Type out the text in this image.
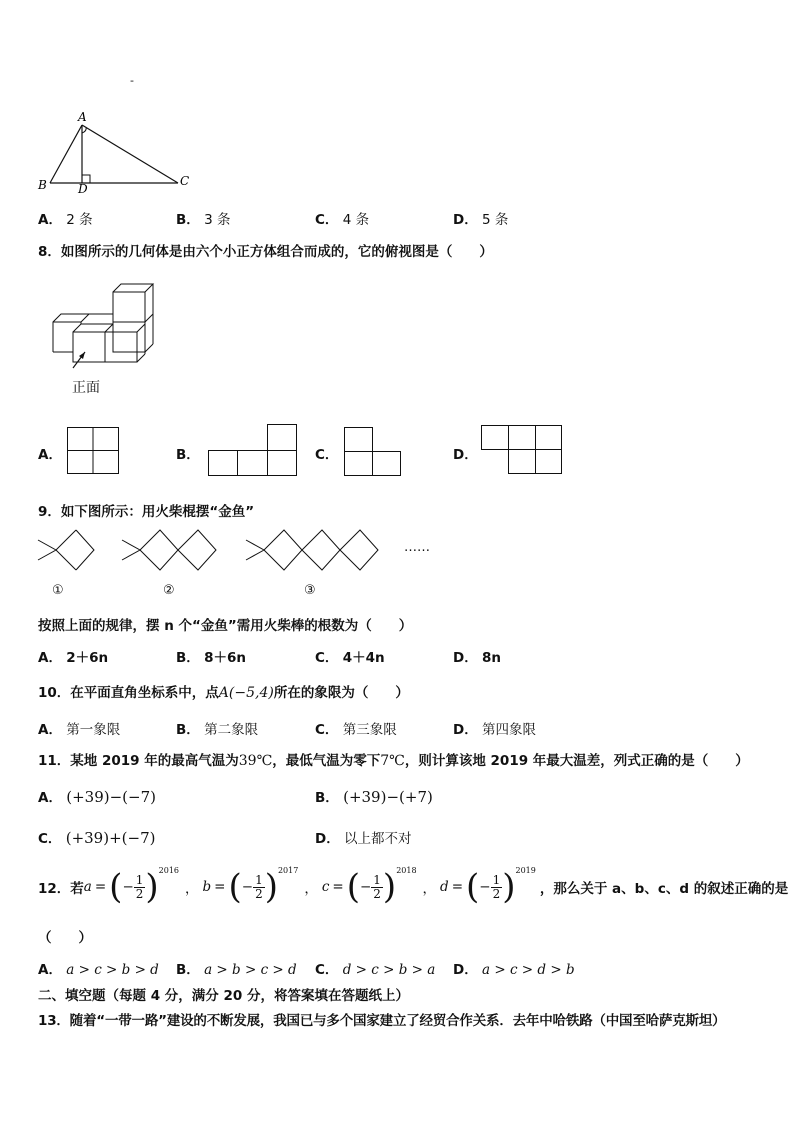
-
A
B	C
D
A． 2 条	B． 3 条	C． 4 条	D． 5 条
8．如图所示的几何体是由六个小正方体组合而成的，它的俯视图是（　　）
正面
A．	B．	C．	D．
9．如下图所示：用火柴棍摆“金鱼”
……
①	②	③
按照上面的规律，摆 n 个“金鱼”需用火柴棒的根数为（　　）
A． 2＋6n	B． 8＋6n	C． 4＋4n	D． 8n
10．在平面直角坐标系中，点A(−5,4)所在的象限为（　　）
A． 第一象限	B． 第二象限	C． 第三象限	D． 第四象限
11．某地 2019 年的最高气温为39℃，最低气温为零下7℃，则计算该地 2019 年最大温差，列式正确的是（　　）
A． (+39)−(−7)	B． (+39)−(+7)
C． (+39)+(−7)	D． 以上都不对
12．若 a = (− $\frac{1}{2} )^{2016}$
， b = (− $\frac{1}{2} )^{2017}$
， c = (− $\frac{1}{2} )^{2018}$
， d = (− $\frac{1}{2} )^{2019}$
，那么关于 a、b、c、d 的叙述正确的是
（　　）
A． a > c > b > d B． a > b > c > d C． d > c > b > a D． a > c > d > b
二、填空题（每题 4 分，满分 20 分，将答案填在答题纸上）
13．随着“一带一路”建设的不断发展，我国已与多个国家建立了经贸合作关系．去年中哈铁路（中国至哈萨克斯坦）
